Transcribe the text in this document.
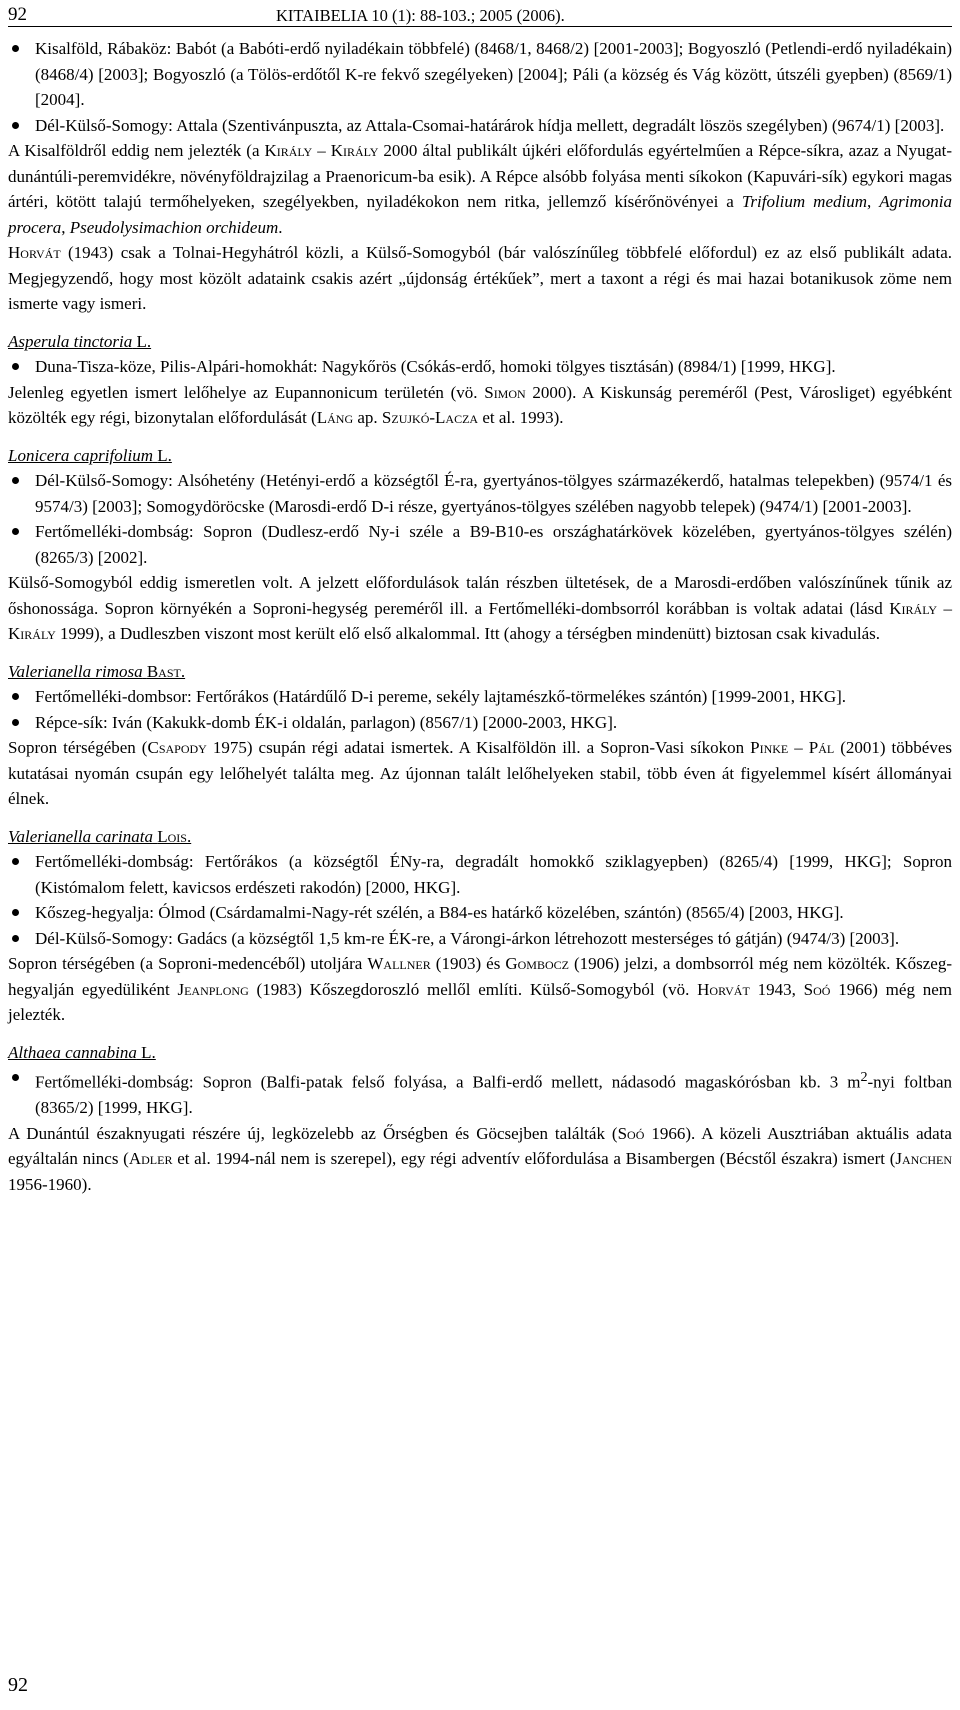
92	KITAIBELIA 10 (1): 88-103.; 2005 (2006).

Kisalföld, Rábaköz: Babót (a Babóti-erdő nyiladékain többfelé) (8468/1, 8468/2) [2001-2003]; Bogyoszló (Petlendi-erdő nyiladékain) (8468/4) [2003]; Bogyoszló (a Tölös-erdőtől K-re fekvő szegélyeken) [2004]; Páli (a község és Vág között, útszéli gyepben) (8569/1) [2004].

Dél-Külső-Somogy: Attala (Szentivánpuszta, az Attala-Csomai-határárok hídja mellett, degradált löszös szegélyben) (9674/1) [2003].

A Kisalföldről eddig nem jelezték (a Király – Király 2000 által publikált újkéri előfordulás egyértelműen a Répce-síkra, azaz a Nyugat-dunántúli-peremvidékre, növényföldrajzilag a Praenoricum-ba esik). A Répce alsóbb folyása menti síkokon (Kapuvári-sík) egykori magas ártéri, kötött talajú termőhelyeken, szegélyekben, nyiladékokon nem ritka, jellemző kísérőnövényei a Trifolium medium, Agrimonia procera, Pseudolysimachion orchideum.

Horvát (1943) csak a Tolnai-Hegyhátról közli, a Külső-Somogyból (bár valószínűleg többfelé előfordul) ez az első publikált adata. Megjegyzendő, hogy most közölt adataink csakis azért „újdonság értékűek”, mert a taxont a régi és mai hazai botanikusok zöme nem ismerte vagy ismeri.

Asperula tinctoria L.

Duna-Tisza-köze, Pilis-Alpári-homokhát: Nagykőrös (Csókás-erdő, homoki tölgyes tisztásán) (8984/1) [1999, HKG].

Jelenleg egyetlen ismert lelőhelye az Eupannonicum területén (vö. Simon 2000). A Kiskunság pereméről (Pest, Városliget) egyébként közölték egy régi, bizonytalan előfordulását (Láng ap. Szujkó-Lacza et al. 1993).

Lonicera caprifolium L.

Dél-Külső-Somogy: Alsóhetény (Hetényi-erdő a községtől É-ra, gyertyános-tölgyes származékerdő, hatalmas telepekben) (9574/1 és 9574/3) [2003]; Somogydöröcske (Marosdi-erdő D-i része, gyertyános-tölgyes szélében nagyobb telepek) (9474/1) [2001-2003].

Fertőmelléki-dombság: Sopron (Dudlesz-erdő Ny-i széle a B9-B10-es országhatárkövek közelében, gyertyános-tölgyes szélén) (8265/3) [2002].

Külső-Somogyból eddig ismeretlen volt. A jelzett előfordulások talán részben ültetések, de a Marosdi-erdőben valószínűnek tűnik az őshonossága. Sopron környékén a Soproni-hegység pereméről ill. a Fertőmelléki-dombsorról korábban is voltak adatai (lásd Király – Király 1999), a Dudleszben viszont most került elő első alkalommal. Itt (ahogy a térségben mindenütt) biztosan csak kivadulás.

Valerianella rimosa Bast.

Fertőmelléki-dombsor: Fertőrákos (Határdűlő D-i pereme, sekély lajtamészkő-törmelékes szántón) [1999-2001, HKG].

Répce-sík: Iván (Kakukk-domb ÉK-i oldalán, parlagon) (8567/1) [2000-2003, HKG].

Sopron térségében (Csapody 1975) csupán régi adatai ismertek. A Kisalföldön ill. a Sopron-Vasi síkokon Pinke – Pál (2001) többéves kutatásai nyomán csupán egy lelőhelyét találta meg. Az újonnan talált lelőhelyeken stabil, több éven át figyelemmel kísért állományai élnek.

Valerianella carinata Lois.

Fertőmelléki-dombság: Fertőrákos (a községtől ÉNy-ra, degradált homokkő sziklagyepben) (8265/4) [1999, HKG]; Sopron (Kistómalom felett, kavicsos erdészeti rakodón) [2000, HKG].

Kőszeg-hegyalja: Ólmod (Csárdamalmi-Nagy-rét szélén, a B84-es határkő közelében, szántón) (8565/4) [2003, HKG].

Dél-Külső-Somogy: Gadács (a községtől 1,5 km-re ÉK-re, a Várongi-árkon létrehozott mesterséges tó gátján) (9474/3) [2003].

Sopron térségében (a Soproni-medencéből) utoljára Wallner (1903) és Gombocz (1906) jelzi, a dombsorról még nem közölték. Kőszeg-hegyalján egyedüliként Jeanplong (1983) Kőszegdoroszló mellől említi. Külső-Somogyból (vö. Horvát 1943, Soó 1966) még nem jelezték.

Althaea cannabina L.

Fertőmelléki-dombság: Sopron (Balfi-patak felső folyása, a Balfi-erdő mellett, nádasodó magaskórósban kb. 3 $m^2$-nyi foltban (8365/2) [1999, HKG].

A Dunántúl északnyugati részére új, legközelebb az Őrségben és Göcsejben találták (Soó 1966). A közeli Ausztriában aktuális adata egyáltalán nincs (Adler et al. 1994-nál nem is szerepel), egy régi adventív előfordulása a Bisambergen (Bécstől északra) ismert (Janchen 1956-1960).

92
